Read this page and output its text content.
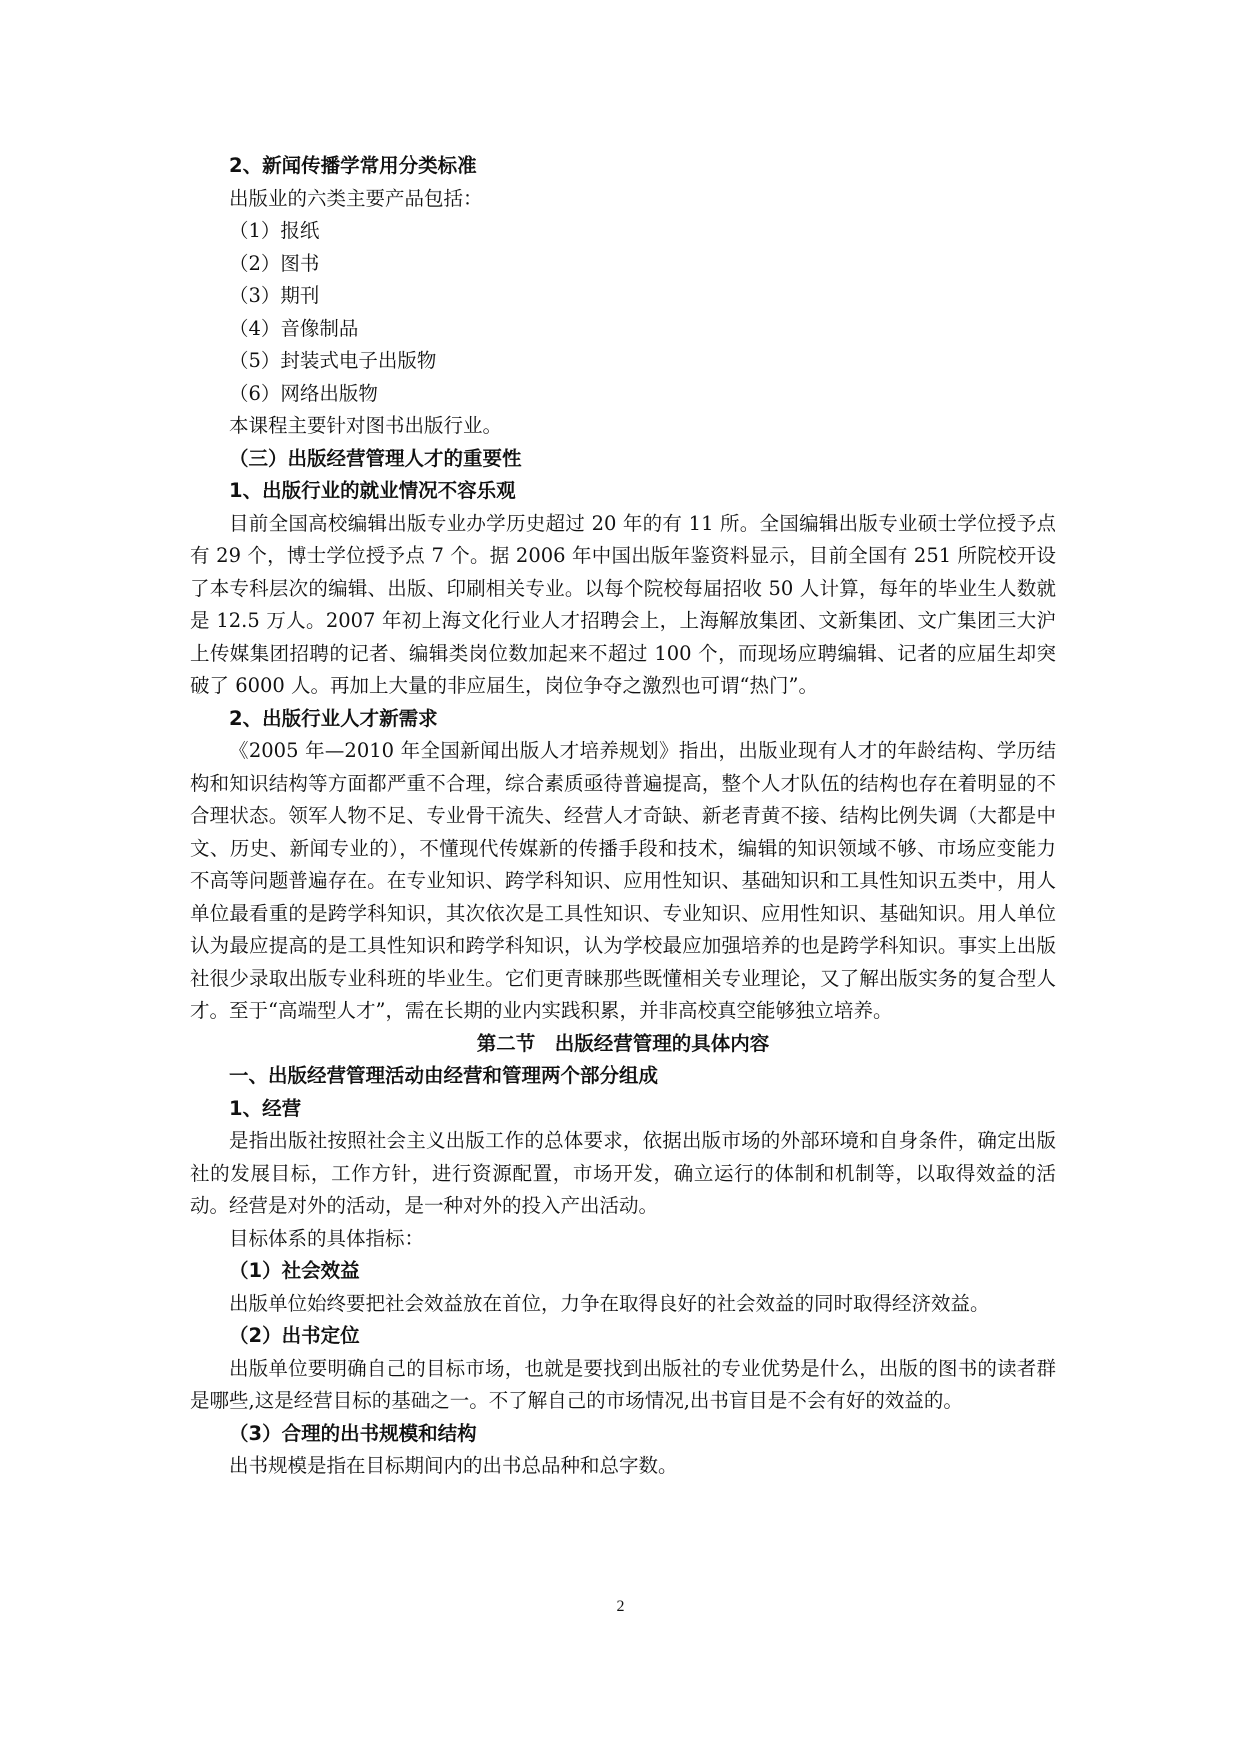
2、新闻传播学常用分类标准

出版业的六类主要产品包括：

（1）报纸

（2）图书

（3）期刊

（4）音像制品

（5）封装式电子出版物

（6）网络出版物

本课程主要针对图书出版行业。

（三）出版经营管理人才的重要性

1、出版行业的就业情况不容乐观

目前全国高校编辑出版专业办学历史超过 20 年的有 11 所。全国编辑出版专业硕士学位授予点有 29 个，博士学位授予点 7 个。据 2006 年中国出版年鉴资料显示，目前全国有 251 所院校开设了本专科层次的编辑、出版、印刷相关专业。以每个院校每届招收 50 人计算，每年的毕业生人数就是 12.5 万人。2007 年初上海文化行业人才招聘会上，上海解放集团、文新集团、文广集团三大沪上传媒集团招聘的记者、编辑类岗位数加起来不超过 100 个，而现场应聘编辑、记者的应届生却突破了 6000 人。再加上大量的非应届生，岗位争夺之激烈也可谓“热门”。

2、出版行业人才新需求

《2005 年—2010 年全国新闻出版人才培养规划》指出，出版业现有人才的年龄结构、学历结构和知识结构等方面都严重不合理，综合素质亟待普遍提高，整个人才队伍的结构也存在着明显的不合理状态。领军人物不足、专业骨干流失、经营人才奇缺、新老青黄不接、结构比例失调（大都是中文、历史、新闻专业的），不懂现代传媒新的传播手段和技术，编辑的知识领域不够、市场应变能力不高等问题普遍存在。在专业知识、跨学科知识、应用性知识、基础知识和工具性知识五类中，用人单位最看重的是跨学科知识，其次依次是工具性知识、专业知识、应用性知识、基础知识。用人单位认为最应提高的是工具性知识和跨学科知识，认为学校最应加强培养的也是跨学科知识。事实上出版社很少录取出版专业科班的毕业生。它们更青睐那些既懂相关专业理论，又了解出版实务的复合型人才。至于“高端型人才”，需在长期的业内实践积累，并非高校真空能够独立培养。

第二节　出版经营管理的具体内容

一、出版经营管理活动由经营和管理两个部分组成

1、经营

是指出版社按照社会主义出版工作的总体要求，依据出版市场的外部环境和自身条件，确定出版社的发展目标，工作方针，进行资源配置，市场开发，确立运行的体制和机制等，以取得效益的活动。经营是对外的活动，是一种对外的投入产出活动。

目标体系的具体指标：

（1）社会效益

出版单位始终要把社会效益放在首位，力争在取得良好的社会效益的同时取得经济效益。

（2）出书定位

出版单位要明确自己的目标市场，也就是要找到出版社的专业优势是什么，出版的图书的读者群是哪些,这是经营目标的基础之一。不了解自己的市场情况,出书盲目是不会有好的效益的。

（3）合理的出书规模和结构

出书规模是指在目标期间内的出书总品种和总字数。

2
